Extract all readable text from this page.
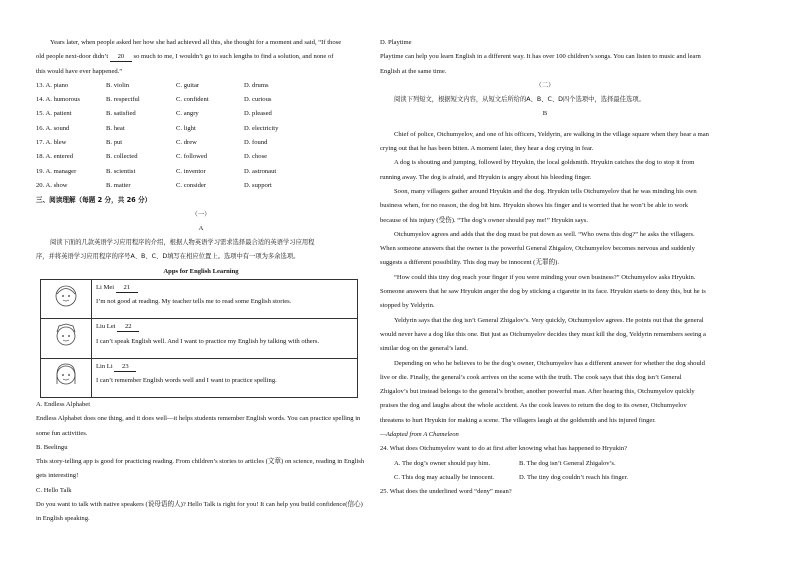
Years later, when people asked her how she had achieved all this, she thought for a moment and said, “If those

old people next-door didn’t 20 so much to me, I wouldn’t go to such lengths to find a solution, and none of

this would have ever happened.”

13. A. piano	B. violin	C. guitar	D. drums
14. A. humorous	B. respectful	C. confident	D. curious
15. A. patient	B. satisfied	C. angry	D. pleased
16. A. sound	B. heat	C. light	D. electricity
17. A. blew	B. put	C. drew	D. found
18. A. entered	B. collected	C. followed	D. chose
19. A. manager	B. scientist	C. inventor	D. astronaut
20. A. show	B. matter	C. consider	D. support

三、阅读理解（每题 2 分，共 26 分）

（一）

A

阅读下面的几款英语学习应用程序的介绍，根据人物英语学习需求选择最合适的英语学习应用程

序，并将英语学习应用程序的序号A、B、C、D填写在相应位置上。选项中有一项为多余选项。

Apps for English Learning

Li Mei 21
I’m not good at reading. My teacher tells me to read some English stories.

Liu Lei 22
I can’t speak English well. And I want to practice my English by talking with others.

Lin Li 23
I can’t remember English words well and I want to practice spelling.

A. Endless Alphabet

Endless Alphabet does one thing, and it does well—it helps students remember English words. You can practice spelling in some fun activities.

B. Beelingu

This story-telling app is good for practicing reading. From children’s stories to articles (文章) on science, reading in English gets interesting!

C. Hello Talk

Do you want to talk with native speakers (说母语的人)? Hello Talk is right for you! It can help you build confidence(信心) in English speaking.

D. Playtime

Playtime can help you learn English in a different way. It has over 100 children’s songs. You can listen to music and learn English at the same time.

（二）

阅读下列短文，根据短文内容，从短文后所给的A、B、C、D四个选项中，选择最佳选项。

B

Chief of police, Otchumyelov, and one of his officers, Yeldyrin, are walking in the village square when they hear a man crying out that he has been bitten. A moment later, they hear a dog crying in fear.

A dog is shouting and jumping, followed by Hryukin, the local goldsmith. Hryukin catches the dog to stop it from running away. The dog is afraid, and Hryukin is angry about his bleeding finger.

Soon, many villagers gather around Hryukin and the dog. Hryukin tells Otchumyelov that he was minding his own business when, for no reason, the dog bit him. Hryukin shows his finger and is worried that he won’t be able to work because of his injury (受伤). “The dog’s owner should pay me!” Hryukin says.

Otchumyelov agrees and adds that the dog must be put down as well. “Who owns this dog?” he asks the villagers. When someone answers that the owner is the powerful General Zhigalov, Otchumyelov becomes nervous and suddenly suggests a different possibility. This dog may be innocent (无罪的).

“How could this tiny dog reach your finger if you were minding your own business?” Otchumyelov asks Hryukin. Someone answers that he saw Hryukin anger the dog by sticking a cigarette in its face. Hryukin starts to deny this, but he is stopped by Yeldyrin.

Yeldyrin says that the dog isn’t General Zhigalov’s. Very quickly, Otchumyelov agrees. He points out that the general would never have a dog like this one. But just as Otchumyelov decides they must kill the dog, Yeldyrin remembers seeing a similar dog on the general’s land.

Depending on who he believes to be the dog’s owner, Otchumyelov has a different answer for whether the dog should live or die. Finally, the general’s cook arrives on the scene with the truth. The cook says that this dog isn’t General Zhigalov’s but instead belongs to the general’s brother, another powerful man. After hearing this, Otchumyelov quickly praises the dog and laughs about the whole accident. As the cook leaves to return the dog to its owner, Otchumyelov threatens to hurt Hryukin for making a scene. The villagers laugh at the goldsmith and his injured finger.

—Adapted from A Chameleon

24. What does Otchumyelov want to do at first after knowing what has happened to Hryukin?

A. The dog’s owner should pay him.	B. The dog isn’t General Zhigalov’s.
C. This dog may actually be innocent.	D. The tiny dog couldn’t reach his finger.

25. What does the underlined word “deny” mean?
